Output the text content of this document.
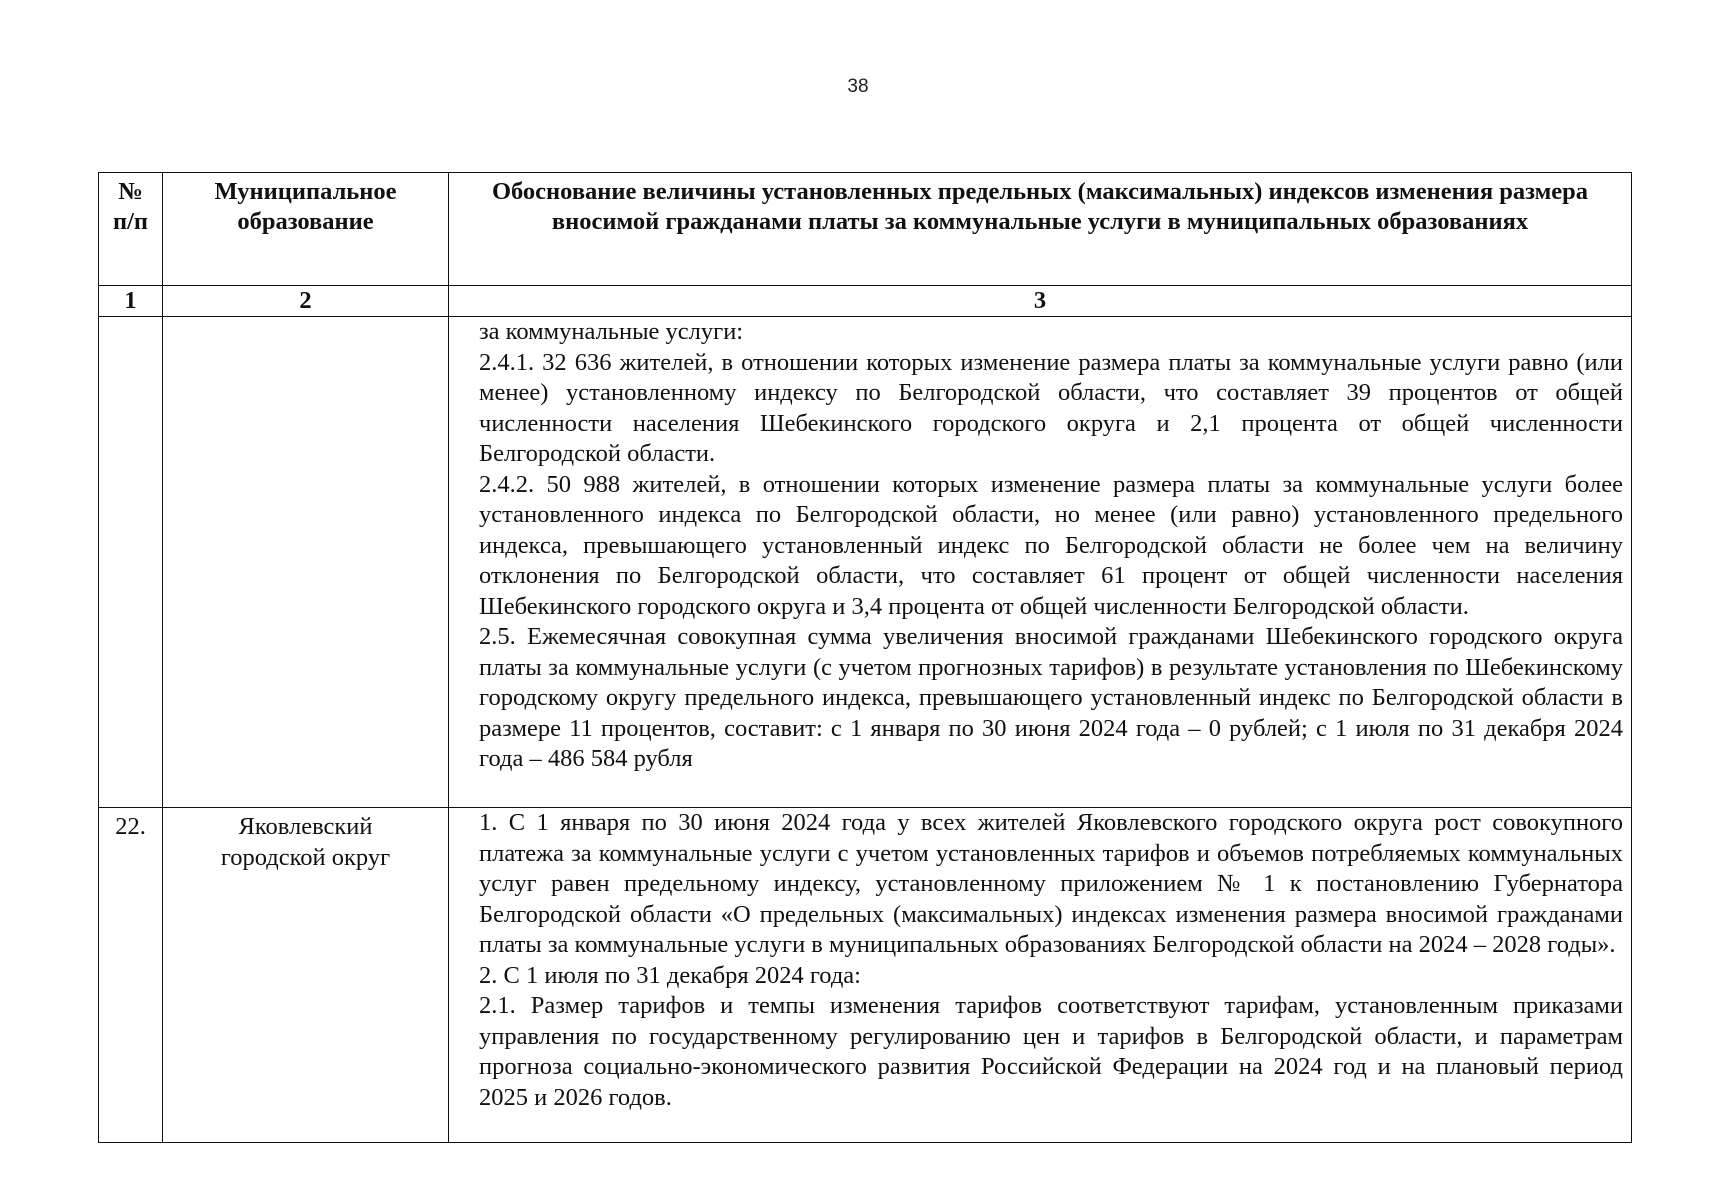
38
№ п/п	Муниципальное образование	Обоснование величины установленных предельных (максимальных) индексов изменения размера вносимой гражданами платы за коммунальные услуги в муниципальных образованиях
1	2	3

		за коммунальные услуги:

2.4.1. 32 636 жителей, в отношении которых изменение размера платы за коммунальные услуги равно (или менее) установленному индексу по Белгородской области, что составляет 39 процентов от общей численности населения Шебекинского городского округа и 2,1 процента от общей численности Белгородской области.

2.4.2. 50 988 жителей, в отношении которых изменение размера платы за коммунальные услуги более установленного индекса по Белгородской области, но менее (или равно) установленного предельного индекса, превышающего установленный индекс по Белгородской области не более чем на величину отклонения по Белгородской области, что составляет 61 процент от общей численности населения Шебекинского городского округа и 3,4 процента от общей численности Белгородской области.

2.5. Ежемесячная совокупная сумма увеличения вносимой гражданами Шебекинского городского округа платы за коммунальные услуги (с учетом прогнозных тарифов) в результате установления по Шебекинскому городскому округу предельного индекса, превышающего установленный индекс по Белгородской области в размере 11 процентов, составит: с 1 января по 30 июня 2024 года – 0 рублей; с 1 июля по 31 декабря 2024 года – 486 584 рубля

22.	Яковлевский городской округ	1. С 1 января по 30 июня 2024 года у всех жителей Яковлевского городского округа рост совокупного платежа за коммунальные услуги с учетом установленных тарифов и объемов потребляемых коммунальных услуг равен предельному индексу, установленному приложением № 1 к постановлению Губернатора Белгородской области «О предельных (максимальных) индексах изменения размера вносимой гражданами платы за коммунальные услуги в муниципальных образованиях Белгородской области на 2024 – 2028 годы».

2. С 1 июля по 31 декабря 2024 года:

2.1. Размер тарифов и темпы изменения тарифов соответствуют тарифам, установленным приказами управления по государственному регулированию цен и тарифов в Белгородской области, и параметрам прогноза социально-экономического развития Российской Федерации на 2024 год и на плановый период 2025 и 2026 годов.
